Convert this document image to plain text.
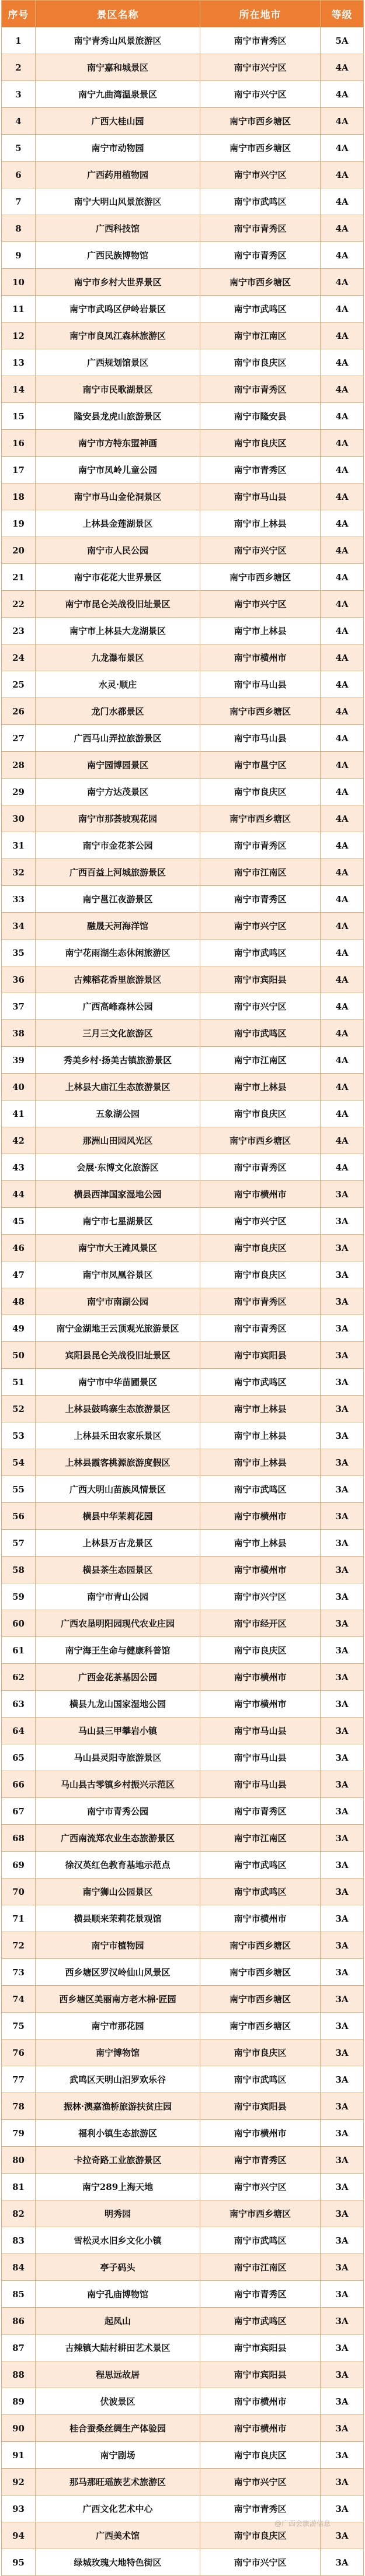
序号	景区名称	所在地市	等级
1	南宁青秀山风景旅游区	南宁市青秀区	5A
2	南宁嘉和城景区	南宁市兴宁区	4A
3	南宁九曲湾温泉景区	南宁市兴宁区	4A
4	广西大桂山园	南宁市西乡塘区	4A
5	南宁市动物园	南宁市西乡塘区	4A
6	广西药用植物园	南宁市兴宁区	4A
7	南宁大明山风景旅游区	南宁市武鸣区	4A
8	广西科技馆	南宁市青秀区	4A
9	广西民族博物馆	南宁市青秀区	4A
10	南宁市乡村大世界景区	南宁市西乡塘区	4A
11	南宁市武鸣区伊岭岩景区	南宁市武鸣区	4A
12	南宁市良凤江森林旅游区	南宁市江南区	4A
13	广西规划馆景区	南宁市良庆区	4A
14	南宁市民歌湖景区	南宁市青秀区	4A
15	隆安县龙虎山旅游景区	南宁市隆安县	4A
16	南宁市方特东盟神画	南宁市良庆区	4A
17	南宁市凤岭儿童公园	南宁市青秀区	4A
18	南宁市马山金伦洞景区	南宁市马山县	4A
19	上林县金莲湖景区	南宁市上林县	4A
20	南宁市人民公园	南宁市兴宁区	4A
21	南宁市花花大世界景区	南宁市西乡塘区	4A
22	南宁市昆仑关战役旧址景区	南宁市兴宁区	4A
23	南宁市上林县大龙湖景区	南宁市上林县	4A
24	九龙瀑布景区	南宁市横州市	4A
25	水灵·顺庄	南宁市马山县	4A
26	龙门水都景区	南宁市西乡塘区	4A
27	广西马山弄拉旅游景区	南宁市马山县	4A
28	南宁园博园景区	南宁市邕宁区	4A
29	南宁方达茂景区	南宁市良庆区	4A
30	南宁市那荟坡观花园	南宁市西乡塘区	4A
31	南宁市金花茶公园	南宁市青秀区	4A
32	广西百益上河城旅游景区	南宁市江南区	4A
33	南宁邕江夜游景区	南宁市青秀区	4A
34	融晟天河海洋馆	南宁市兴宁区	4A
35	南宁花雨湖生态休闲旅游区	南宁市武鸣区	4A
36	古辣稻花香里旅游景区	南宁市宾阳县	4A
37	广西高峰森林公园	南宁市兴宁区	4A
38	三月三文化旅游区	南宁市武鸣区	4A
39	秀美乡村·扬美古镇旅游景区	南宁市江南区	4A
40	上林县大庙江生态旅游景区	南宁市上林县	4A
41	五象湖公园	南宁市良庆区	4A
42	那洲山田园风光区	南宁市西乡塘区	4A
43	会展·东博文化旅游区	南宁市青秀区	4A
44	横县西津国家湿地公园	南宁市横州市	3A
45	南宁市七星湖景区	南宁市兴宁区	3A
46	南宁市大王滩风景区	南宁市良庆区	3A
47	南宁市凤凰谷景区	南宁市良庆区	3A
48	南宁市南湖公园	南宁市青秀区	3A
49	南宁金湖地王云顶观光旅游景区	南宁市青秀区	3A
50	宾阳县昆仑关战役旧址景区	南宁市宾阳县	3A
51	南宁市中华苗圃景区	南宁市武鸣区	3A
52	上林县鼓鸣寨生态旅游景区	南宁市上林县	3A
53	上林县禾田农家乐景区	南宁市上林县	3A
54	上林县霞客桃源旅游度假区	南宁市上林县	3A
55	广西大明山苗族风情景区	南宁市武鸣区	3A
56	横县中华茉莉花园	南宁市横州市	3A
57	上林县万古龙景区	南宁市上林县	3A
58	横县茶生态园景区	南宁市横州市	3A
59	南宁市青山公园	南宁市兴宁区	3A
60	广西农垦明阳园现代农业庄园	南宁市经开区	3A
61	南宁海王生命与健康科普馆	南宁市良庆区	3A
62	广西金花茶基因公园	南宁市横州市	3A
63	横县九龙山国家湿地公园	南宁市横州市	3A
64	马山县三甲攀岩小镇	南宁市马山县	3A
65	马山县灵阳寺旅游景区	南宁市马山县	3A
66	马山县古零镇乡村振兴示范区	南宁市马山县	3A
67	南宁市青秀公园	南宁市青秀区	3A
68	广西南流郑农业生态旅游景区	南宁市江南区	3A
69	徐汉英红色教育基地示范点	南宁市武鸣区	3A
70	南宁狮山公园景区	南宁市武鸣区	3A
71	横县顺来茉莉花景观馆	南宁市横州市	3A
72	南宁市植物园	南宁市西乡塘区	3A
73	西乡塘区罗汉岭仙山风景区	南宁市西乡塘区	3A
74	西乡塘区美丽南方老木棉·匠园	南宁市西乡塘区	3A
75	南宁市那花园	南宁市西乡塘区	3A
76	南宁博物馆	南宁市良庆区	3A
77	武鸣区天明山汨罗欢乐谷	南宁市武鸣区	3A
78	振林·澳嘉渔桥旅游扶贫庄园	南宁市宾阳县	3A
79	福利小镇生态旅游区	南宁市横州市	3A
80	卡拉奇路工业旅游景区	南宁市青秀区	3A
81	南宁289上海天地	南宁市兴宁区	3A
82	明秀园	南宁市西乡塘区	3A
83	雪松灵水旧乡文化小镇	南宁市武鸣区	3A
84	亭子码头	南宁市江南区	3A
85	南宁孔庙博物馆	南宁市青秀区	3A
86	起凤山	南宁市武鸣区	3A
87	古辣镇大陆村耕田艺术景区	南宁市宾阳县	3A
88	程思远故居	南宁市宾阳县	3A
89	伏波景区	南宁市横州市	3A
90	桂合蚕桑丝绸生产体验园	南宁市横州市	3A
91	南宁剧场	南宁市良庆区	3A
92	那马那旺瑶族艺术旅游区	南宁市兴宁区	3A
93	广西文化艺术中心	南宁市青秀区	3A
94	广西美术馆	南宁市良庆区	3A
95	绿城玫瑰大地特色街区	南宁市兴宁区	3A
@广西会旅游信息
